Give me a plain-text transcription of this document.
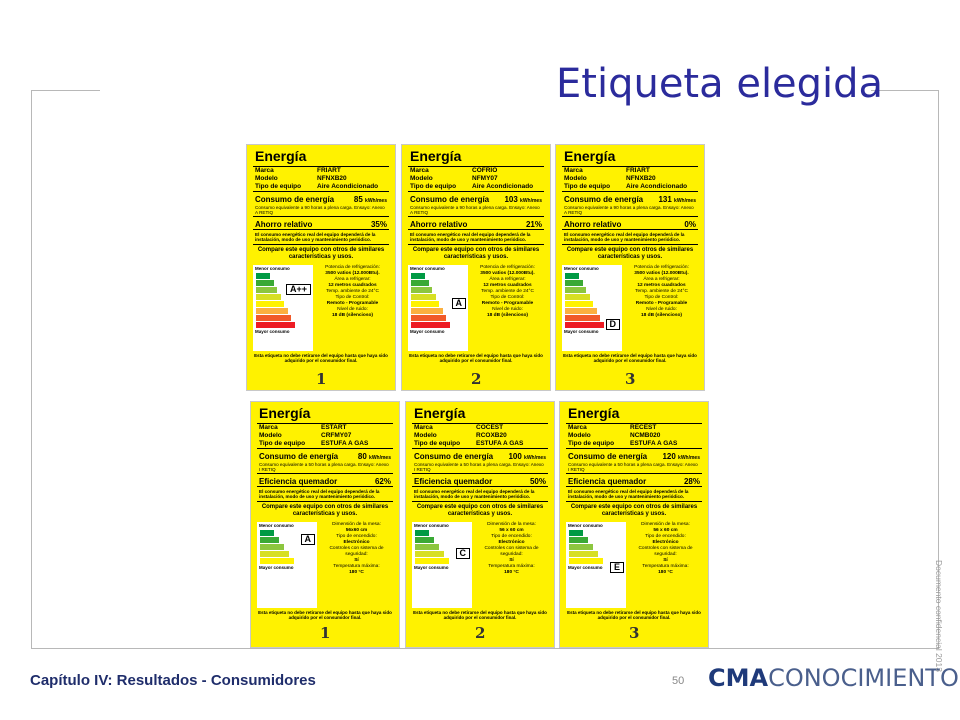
Etiqueta elegida
Energía
Marca	FRIART
Modelo	NFNXB20
Tipo de equipo	Aire Acondicionado
Consumo de energía 85 kWh/mes
Consumo equivalente a 90 horas a plena carga. Ensayo: Anexo A RETIQ
Ahorro relativo	35%
El consumo energético real del equipo dependerá de la instalación, modo de uso y mantenimiento periódico.
Compare este equipo con otros de similares características y usos.
Menor consumo
A++
Mayor consumo
Potencia de refrigeración:
3500 vatios (12.000Btu).
Área a refrigerar:
12 metros cuadrados
Temp. ambiente de 24°C
Tipo de Control:
Remoto - Programable
Nivel de ruido:
18 dB (silencioso)
Esta etiqueta no debe retirarse del equipo hasta que haya sido adquirido por el consumidor final.
1
Energía
Marca	COFRIO
Modelo	NFMY07
Tipo de equipo	Aire Acondicionado
Consumo de energía 103 kWh/mes
Consumo equivalente a 90 horas a plena carga. Ensayo: Anexo A RETIQ
Ahorro relativo	21%
El consumo energético real del equipo dependerá de la instalación, modo de uso y mantenimiento periódico.
Compare este equipo con otros de similares características y usos.
Menor consumo
A
Mayor consumo
Potencia de refrigeración:
3500 vatios (12.000Btu).
Área a refrigerar:
12 metros cuadrados
Temp. ambiente de 24°C
Tipo de Control:
Remoto - Programable
Nivel de ruido:
18 dB (silencioso)
Esta etiqueta no debe retirarse del equipo hasta que haya sido adquirido por el consumidor final.
2
Energía
Marca	FRIART
Modelo	NFNXB20
Tipo de equipo	Aire Acondicionado
Consumo de energía 131 kWh/mes
Consumo equivalente a 90 horas a plena carga. Ensayo: Anexo A RETIQ
Ahorro relativo	0%
El consumo energético real del equipo dependerá de la instalación, modo de uso y mantenimiento periódico.
Compare este equipo con otros de similares características y usos.
Menor consumo
D
Mayor consumo
Potencia de refrigeración:
3500 vatios (12.000Btu).
Área a refrigerar:
12 metros cuadrados
Temp. ambiente de 24°C
Tipo de Control:
Remoto - Programable
Nivel de ruido:
18 dB (silencioso)
Esta etiqueta no debe retirarse del equipo hasta que haya sido adquirido por el consumidor final.
3
Energía
Marca	ESTART
Modelo	CRFMY07
Tipo de equipo	ESTUFA A GAS
Consumo de energía 80 kWh/mes
Consumo equivalente a 50 horas a plena carga. Ensayo: Anexo I RETIQ
Eficiencia quemador	62%
El consumo energético real del equipo dependerá de la instalación, modo de uso y mantenimiento periódico.
Compare este equipo con otros de similares características y usos.
Menor consumo
A
Mayor consumo
Dimensión de la mesa:
56x60 cm
Tipo de encendido:
Electrónico
Controles con sistema de seguridad:
Sí
Temperatura máxima:
180 °C
Esta etiqueta no debe retirarse del equipo hasta que haya sido adquirido por el consumidor final.
1
Energía
Marca	COCEST
Modelo	RCOXB20
Tipo de equipo	ESTUFA A GAS
Consumo de energía 100 kWh/mes
Consumo equivalente a 50 horas a plena carga. Ensayo: Anexo I RETIQ
Eficiencia quemador	50%
El consumo energético real del equipo dependerá de la instalación, modo de uso y mantenimiento periódico.
Compare este equipo con otros de similares características y usos.
Menor consumo
C
Mayor consumo
Dimensión de la mesa:
56 x 60 cm
Tipo de encendido:
Electrónico
Controles con sistema de seguridad:
Sí
Temperatura máxima:
180 °C
Esta etiqueta no debe retirarse del equipo hasta que haya sido adquirido por el consumidor final.
2
Energía
Marca	RECEST
Modelo	NCMB020
Tipo de equipo	ESTUFA A GAS
Consumo de energía 120 kWh/mes
Consumo equivalente a 50 horas a plena carga. Ensayo: Anexo I RETIQ
Eficiencia quemador	28%
El consumo energético real del equipo dependerá de la instalación, modo de uso y mantenimiento periódico.
Compare este equipo con otros de similares características y usos.
Menor consumo
E
Mayor consumo
Dimensión de la mesa:
56 x 60 cm
Tipo de encendido:
Electrónico
Controles con sistema de seguridad:
Sí
Temperatura máxima:
180 °C
Esta etiqueta no debe retirarse del equipo hasta que haya sido adquirido por el consumidor final.
3
Capítulo IV: Resultados - Consumidores	50 CMACONOCIMIENTO
Documento confidencial 2013
